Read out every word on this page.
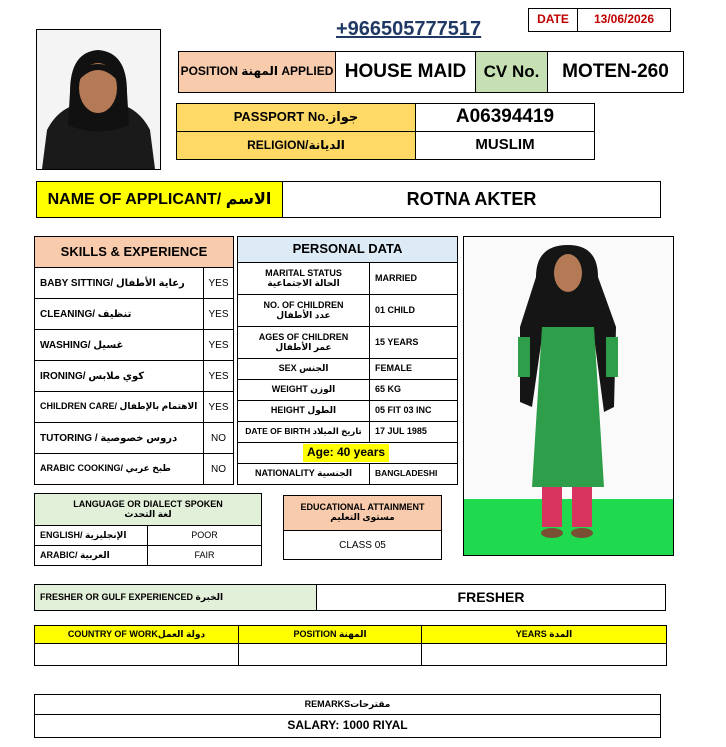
+966505777517	DATE	13/06/2026
POSITION المهنة APPLIED HOUSE MAID	CV No.	MOTEN-260
PASSPORT No.جواز	A06394419
RELIGION/الديانة	MUSLIM
NAME OF APPLICANT/ الاسم	ROTNA AKTER
SKILLS & EXPERIENCE
BABY SITTING/ رعاية الأطفال	YES
CLEANING/ تنظيف	YES
WASHING/ غسيل	YES
IRONING/ كوي ملابس	YES
CHILDREN CARE/ الاهتمام بالإطفال	YES
TUTORING / دروس خصوصية	NO
ARABIC COOKING/ طبخ عربي	NO
PERSONAL DATA
MARITAL STATUS
الحالة الاجتماعية	MARRIED
NO. OF CHILDREN
عدد الأطفال	01 CHILD
AGES OF CHILDREN
عمر الأطفال	15 YEARS
SEX الجنس	FEMALE
WEIGHT الوزن	65 KG
HEIGHT الطول	05 FIT 03 INC
DATE OF BIRTH تاريخ الميلاد	17 JUL 1985
Age: 40 years
NATIONALITY الجنسية	BANGLADESHI
LANGUAGE OR DIALECT SPOKEN
لغة التحدث
ENGLISH/ الإنجليزية	POOR
ARABIC/ العربية	FAIR
EDUCATIONAL ATTAINMENT
مستوى التعليم
CLASS 05
FRESHER OR GULF EXPERIENCED الخبرة	FRESHER
COUNTRY OF WORKدولة العمل	POSITION المهنة	YEARS المدة
REMARKSمقترحات
SALARY: 1000 RIYAL
